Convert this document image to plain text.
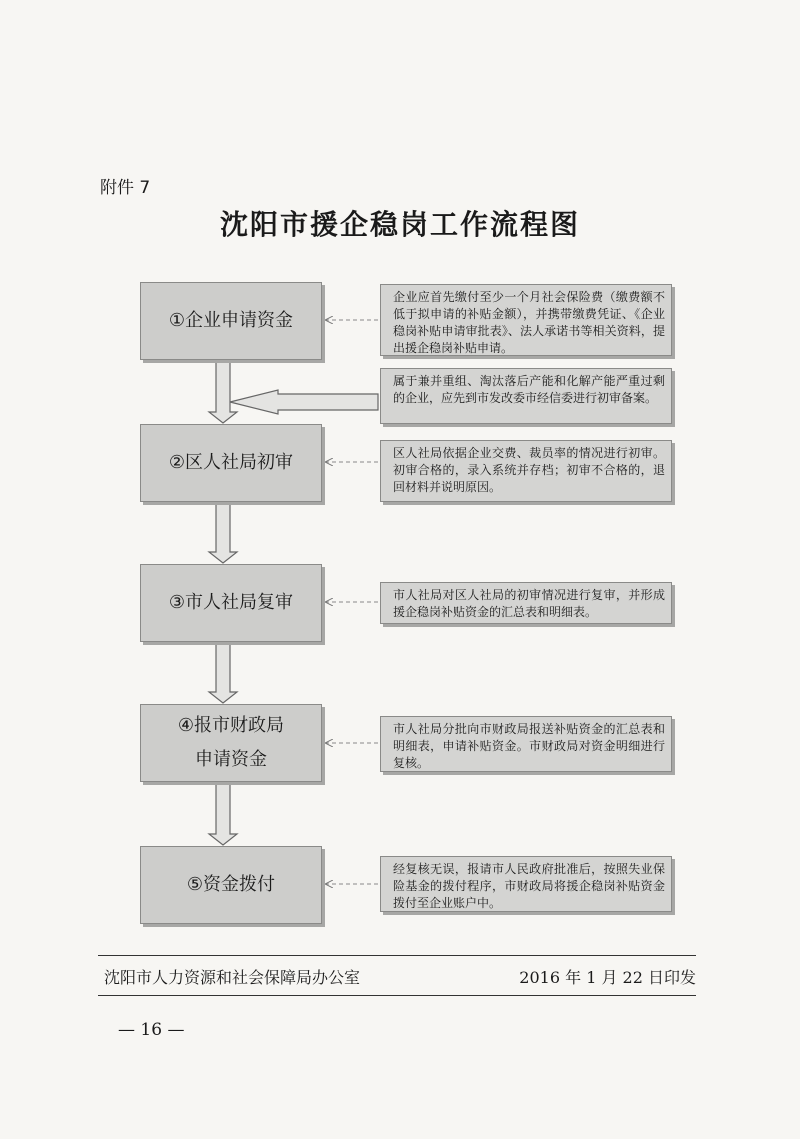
附件 7
沈阳市援企稳岗工作流程图
①企业申请资金
②区人社局初审
③市人社局复审
④报市财政局
申请资金
⑤资金拨付
企业应首先缴付至少一个月社会保险费（缴费额不低于拟申请的补贴金额），并携带缴费凭证、《企业稳岗补贴申请审批表》、法人承诺书等相关资料，提出援企稳岗补贴申请。
属于兼并重组、淘汰落后产能和化解产能严重过剩的企业，应先到市发改委市经信委进行初审备案。
区人社局依据企业交费、裁员率的情况进行初审。初审合格的，录入系统并存档；初审不合格的，退回材料并说明原因。
市人社局对区人社局的初审情况进行复审，并形成援企稳岗补贴资金的汇总表和明细表。
市人社局分批向市财政局报送补贴资金的汇总表和明细表，申请补贴资金。市财政局对资金明细进行复核。
经复核无误，报请市人民政府批准后，按照失业保险基金的拨付程序，市财政局将援企稳岗补贴资金拨付至企业账户中。
沈阳市人力资源和社会保障局办公室	2016 年 1 月 22 日印发
— 16 —
